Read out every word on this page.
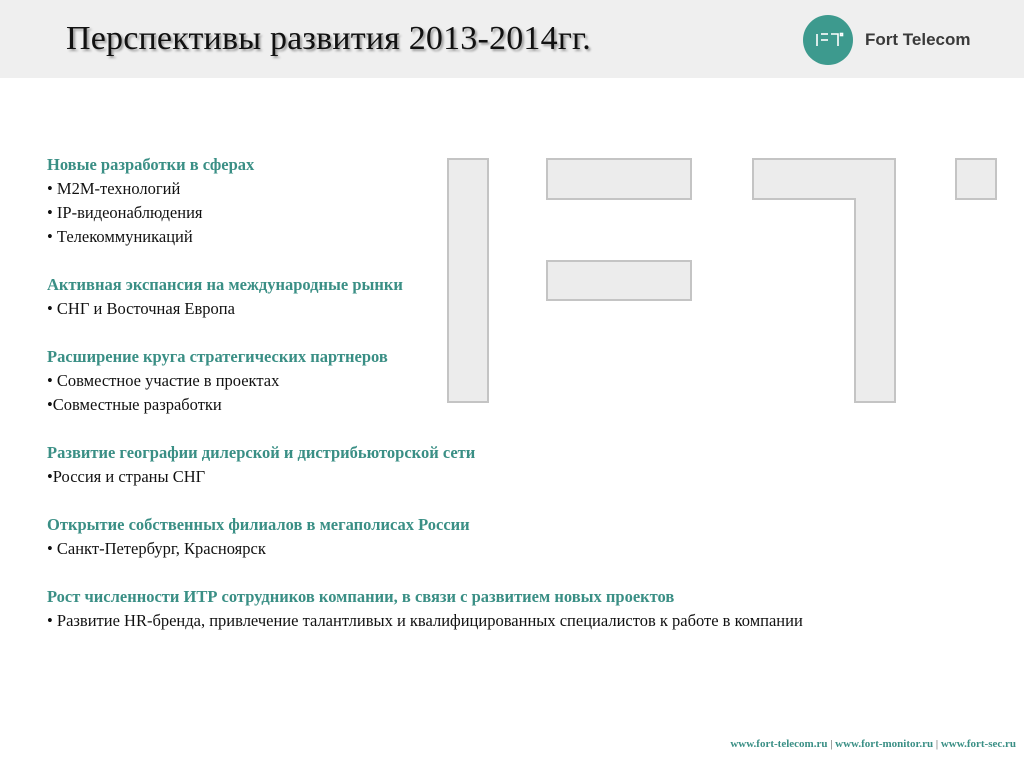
Перспективы развития 2013-2014гг.	Fort Telecom
Новые разработки в сферах
• М2М-технологий
• IP-видеонаблюдения
• Телекоммуникаций
Активная экспансия на международные рынки
• СНГ и Восточная Европа
Расширение круга стратегических партнеров
• Совместное участие в проектах
•Совместные разработки
Развитие географии дилерской и дистрибьюторской сети
•Россия и страны СНГ
Открытие собственных филиалов в мегаполисах России
• Санкт-Петербург, Красноярск
Рост численности ИТР сотрудников компании, в связи с развитием новых проектов
• Развитие HR-бренда, привлечение талантливых и квалифицированных специалистов к работе в компании
www.fort-telecom.ru | www.fort-monitor.ru | www.fort-sec.ru
